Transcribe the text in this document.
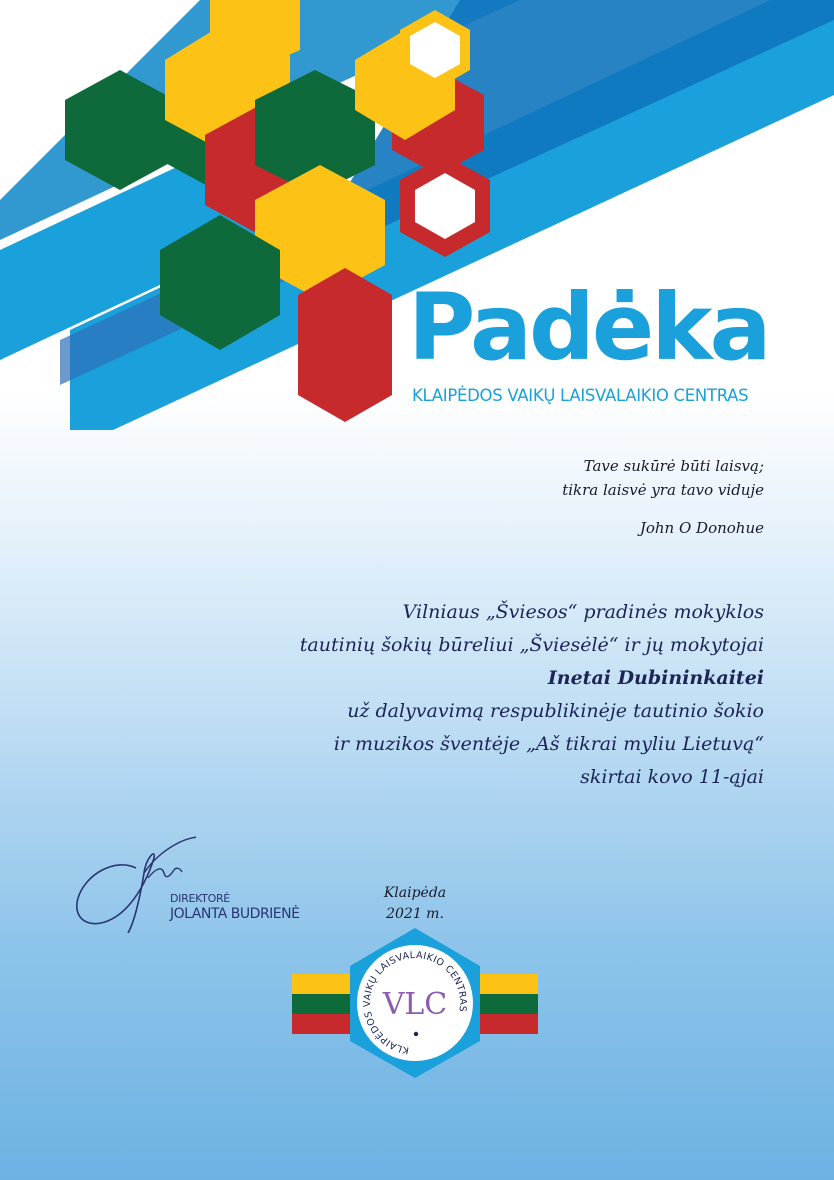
Padėka
KLAIPĖDOS VAIKŲ LAISVALAIKIO CENTRAS
Tave sukūrė būti laisvą;
tikra laisvė yra tavo viduje
John O Donohue
Vilniaus „Šviesos“ pradinės mokyklos
tautinių šokių būreliui „Šviesėlė“ ir jų mokytojai
Inetai Dubininkaitei
už dalyvavimą respublikinėje tautinio šokio
ir muzikos šventėje „Aš tikrai myliu Lietuvą“
skirtai kovo 11-ąjai
DIREKTORĖ
JOLANTA BUDRIENĖ
Klaipėda
2021 m.
KLAIPĖDOS VAIKŲ LAISVALAIKIO CENTRAS
VLC
